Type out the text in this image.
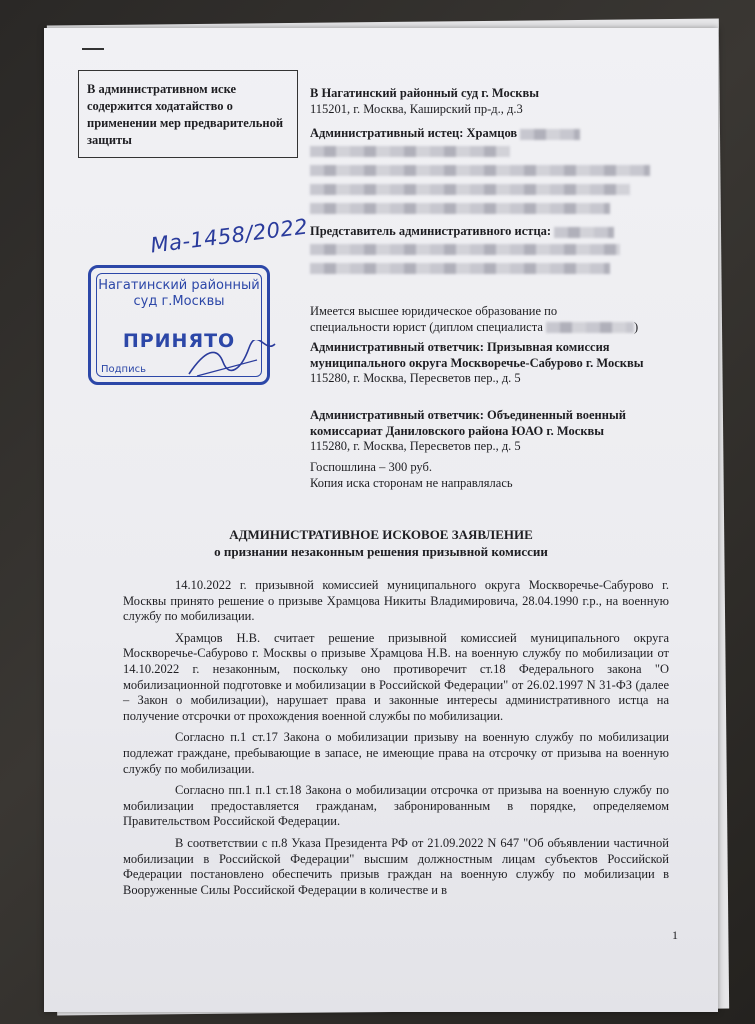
В административном иске содержится ходатайство о применении мер предварительной защиты
В Нагатинский районный суд г. Москвы
115201, г. Москва, Каширский пр-д., д.3
Административный истец: Храмцов
Представитель административного истца:
Имеется высшее юридическое образование по
специальности юрист (диплом специалиста	)
Административный ответчик: Призывная комиссия муниципального округа Москворечье-Сабурово г. Москвы
115280, г. Москва, Пересветов пер., д. 5
Административный ответчик: Объединенный военный комиссариат Даниловского района ЮАО г. Москвы
115280, г. Москва, Пересветов пер., д. 5
Госпошлина – 300 руб.
Копия иска сторонам не направлялась
Ма-1458/2022
Нагатинский районный суд г.Москвы
ПРИНЯТО
Подпись
АДМИНИСТРАТИВНОЕ ИСКОВОЕ ЗАЯВЛЕНИЕ
о признании незаконным решения призывной комиссии

14.10.2022 г. призывной комиссией муниципального округа Москворечье-Сабурово г. Москвы принято решение о призыве Храмцова Никиты Владимировича, 28.04.1990 г.р., на военную службу по мобилизации.

Храмцов Н.В. считает решение призывной комиссией муниципального округа Москворечье-Сабурово г. Москвы о призыве Храмцова Н.В. на военную службу по мобилизации от 14.10.2022 г. незаконным, поскольку оно противоречит ст.18 Федерального закона "О мобилизационной подготовке и мобилизации в Российской Федерации" от 26.02.1997 N 31-ФЗ (далее – Закон о мобилизации), нарушает права и законные интересы административного истца на получение отсрочки от прохождения военной службы по мобилизации.

Согласно п.1 ст.17 Закона о мобилизации призыву на военную службу по мобилизации подлежат граждане, пребывающие в запасе, не имеющие права на отсрочку от призыва на военную службу по мобилизации.

Согласно пп.1 п.1 ст.18 Закона о мобилизации отсрочка от призыва на военную службу по мобилизации предоставляется гражданам, забронированным в порядке, определяемом Правительством Российской Федерации.

В соответствии с п.8 Указа Президента РФ от 21.09.2022 N 647 "Об объявлении частичной мобилизации в Российской Федерации" высшим должностным лицам субъектов Российской Федерации постановлено обеспечить призыв граждан на военную службу по мобилизации в Вооруженные Силы Российской Федерации в количестве и в

1
